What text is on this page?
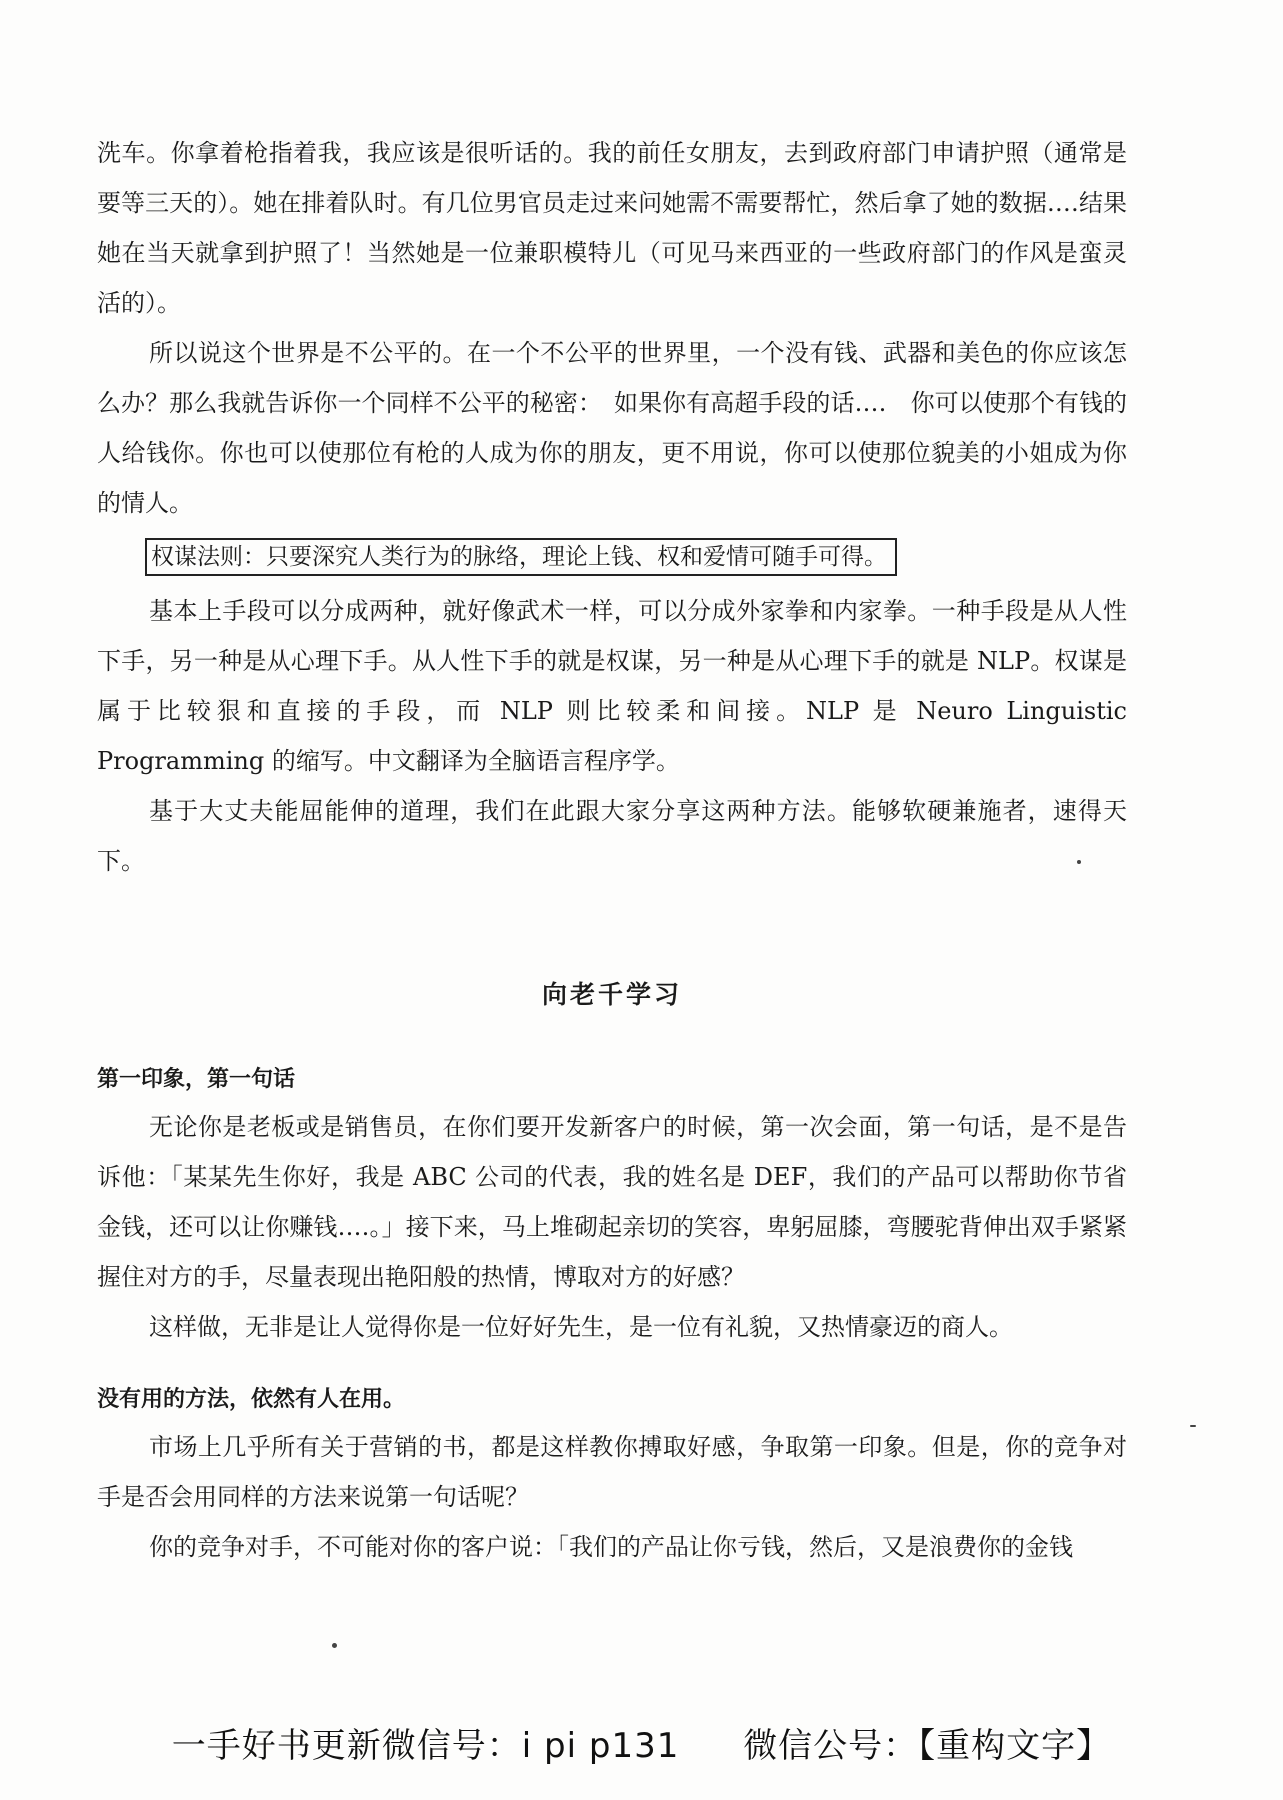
洗车。你拿着枪指着我，我应该是很听话的。我的前任女朋友，去到政府部门申请护照（通常是要等三天的）。她在排着队时。有几位男官员走过来问她需不需要帮忙，然后拿了她的数据‥‥结果她在当天就拿到护照了！当然她是一位兼职模特儿（可见马来西亚的一些政府部门的作风是蛮灵活的）。

所以说这个世界是不公平的。在一个不公平的世界里，一个没有钱、武器和美色的你应该怎么办？那么我就告诉你一个同样不公平的秘密：　如果你有高超手段的话‥‥　你可以使那个有钱的人给钱你。你也可以使那位有枪的人成为你的朋友，更不用说，你可以使那位貌美的小姐成为你的情人。

权谋法则：只要深究人类行为的脉络，理论上钱、权和爱情可随手可得。

基本上手段可以分成两种，就好像武术一样，可以分成外家拳和内家拳。一种手段是从人性下手，另一种是从心理下手。从人性下手的就是权谋，另一种是从心理下手的就是 NLP。权谋是属于比较狠和直接的手段，而 NLP 则比较柔和间接。NLP 是 Neuro Linguistic Programming 的缩写。中文翻译为全脑语言程序学。

基于大丈夫能屈能伸的道理，我们在此跟大家分享这两种方法。能够软硬兼施者，速得天下。

向老千学习

第一印象，第一句话

无论你是老板或是销售员，在你们要开发新客户的时候，第一次会面，第一句话，是不是告诉他：「某某先生你好，我是 ABC 公司的代表，我的姓名是 DEF，我们的产品可以帮助你节省金钱，还可以让你赚钱‥‥。」接下来，马上堆砌起亲切的笑容，卑躬屈膝，弯腰驼背伸出双手紧紧握住对方的手，尽量表现出艳阳般的热情，博取对方的好感？

这样做，无非是让人觉得你是一位好好先生，是一位有礼貌，又热情豪迈的商人。

没有用的方法，依然有人在用。

市场上几乎所有关于营销的书，都是这样教你搏取好感，争取第一印象。但是，你的竞争对手是否会用同样的方法来说第一句话呢？

你的竞争对手，不可能对你的客户说：「我们的产品让你亏钱，然后，又是浪费你的金钱

一手好书更新微信号：i pi p131 微信公号：【重构文字】
